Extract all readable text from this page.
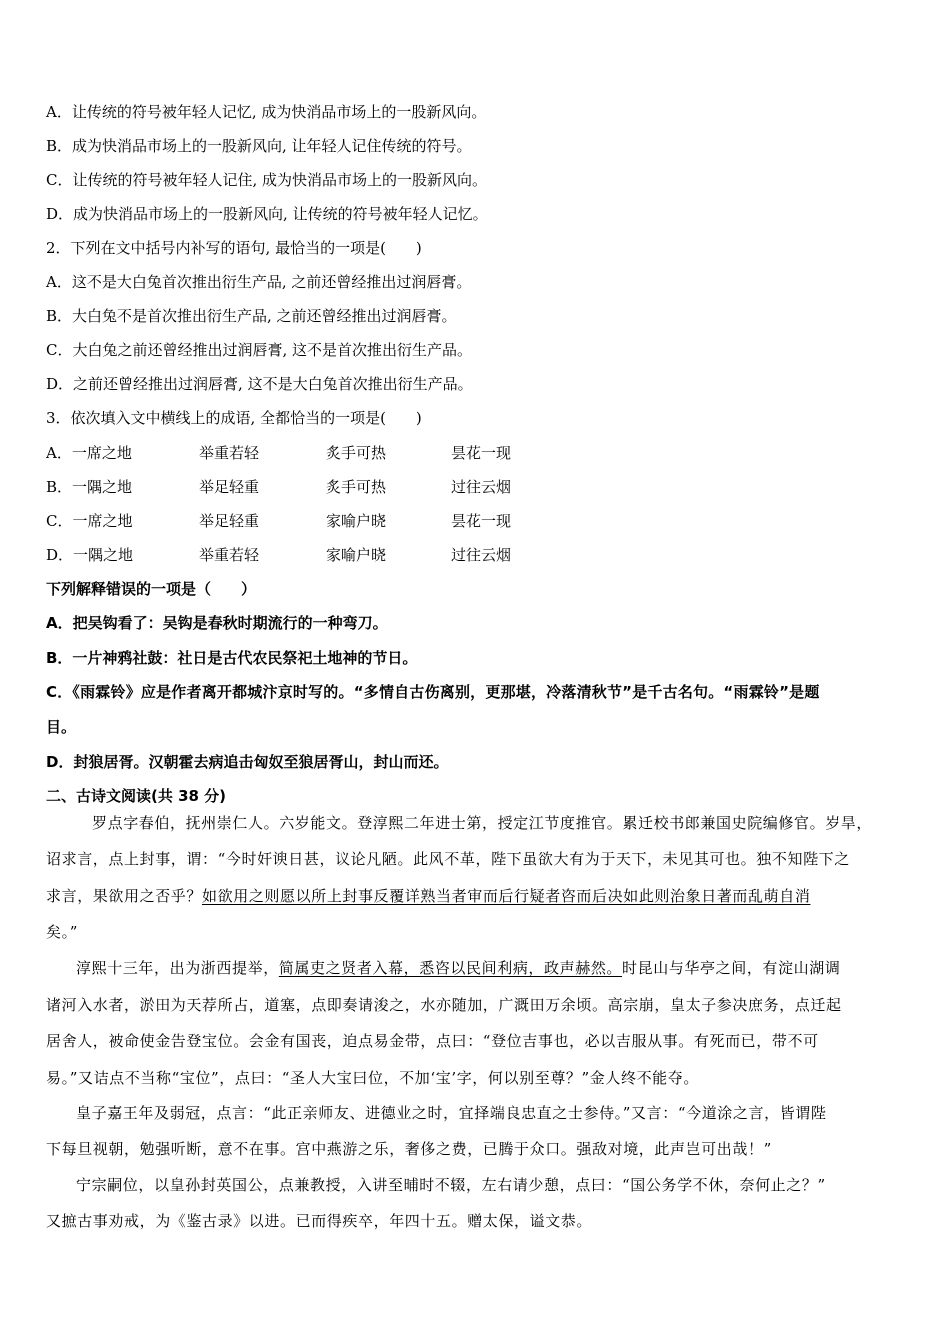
A．让传统的符号被年轻人记忆, 成为快消品市场上的一股新风向。
B．成为快消品市场上的一股新风向, 让年轻人记住传统的符号。
C．让传统的符号被年轻人记住, 成为快消品市场上的一股新风向。
D．成为快消品市场上的一股新风向, 让传统的符号被年轻人记忆。
2．下列在文中括号内补写的语句, 最恰当的一项是(　　)
A．这不是大白兔首次推出衍生产品, 之前还曾经推出过润唇膏。
B．大白兔不是首次推出衍生产品, 之前还曾经推出过润唇膏。
C．大白兔之前还曾经推出过润唇膏, 这不是首次推出衍生产品。
D．之前还曾经推出过润唇膏, 这不是大白兔首次推出衍生产品。
3．依次填入文中横线上的成语, 全都恰当的一项是(　　)
A．一席之地	举重若轻	炙手可热	昙花一现
B．一隅之地	举足轻重	炙手可热	过往云烟
C．一席之地	举足轻重	家喻户晓	昙花一现
D．一隅之地	举重若轻	家喻户晓	过往云烟
下列解释错误的一项是（　　）
A．把吴钩看了：吴钩是春秋时期流行的一种弯刀。
B．一片神鸦社鼓：社日是古代农民祭祀土地神的节日。
C．《雨霖铃》应是作者离开都城汴京时写的。“多情自古伤离别，更那堪，冷落清秋节”是千古名句。“雨霖铃”是题
目。
D．封狼居胥。汉朝霍去病追击匈奴至狼居胥山，封山而还。
二、古诗文阅读(共 38 分)
罗点字春伯，抚州崇仁人。六岁能文。登淳熙二年进士第，授定江节度推官。累迁校书郎兼国史院编修官。岁旱，
诏求言，点上封事，谓：“今时奸谀日甚，议论凡陋。此风不革，陛下虽欲大有为于天下，未见其可也。独不知陛下之
求言，果欲用之否乎？如欲用之则愿以所上封事反覆详熟当者审而后行疑者咨而后决如此则治象日著而乱萌自消
矣。”
淳熙十三年，出为浙西提举，简属吏之贤者入幕，悉咨以民间利病，政声赫然。时昆山与华亭之间，有淀山湖调
诸河入水者，淤田为天荐所占，道塞，点即奏请浚之，水亦随加，广溉田万余顷。高宗崩，皇太子参决庶务，点迁起
居舍人，被命使金告登宝位。会金有国丧，迫点易金带，点曰：“登位吉事也，必以吉服从事。有死而已，带不可
易。”又诘点不当称“宝位”，点曰：“圣人大宝曰位，不加‘宝’字，何以别至尊？”金人终不能夺。
皇子嘉王年及弱冠，点言：“此正亲师友、进德业之时，宜择端良忠直之士参侍。”又言：“今道涂之言，皆谓陛
下每旦视朝，勉强听断，意不在事。宫中燕游之乐，奢侈之费，已腾于众口。强敌对境，此声岂可出哉！”
宁宗嗣位，以皇孙封英国公，点兼教授，入讲至晡时不辍，左右请少憩，点曰：“国公务学不休，奈何止之？”
又摭古事劝戒，为《鉴古录》以进。已而得疾卒，年四十五。赠太保，谥文恭。
